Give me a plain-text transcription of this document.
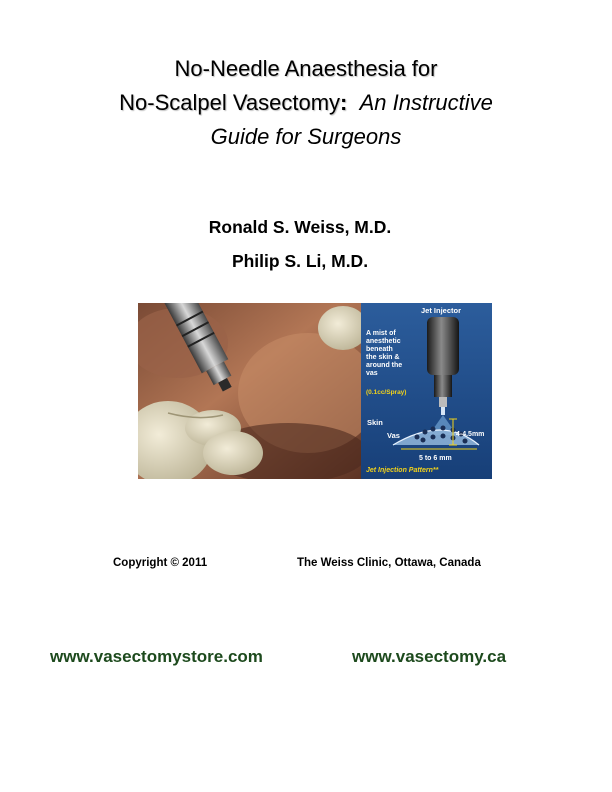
No-Needle Anaesthesia for
No-Scalpel Vasectomy: An Instructive
Guide for Surgeons
Ronald S. Weiss, M.D.
Philip S. Li, M.D.
Jet Injector
A mist of
anesthetic
beneath
the skin &
around the
vas
(0.1cc/Spray)
Skin
Vas	4-4.5mm
5 to 6 mm
Jet Injection Pattern**
Copyright © 2011	The Weiss Clinic, Ottawa, Canada
www.vasectomystore.com	www.vasectomy.ca
